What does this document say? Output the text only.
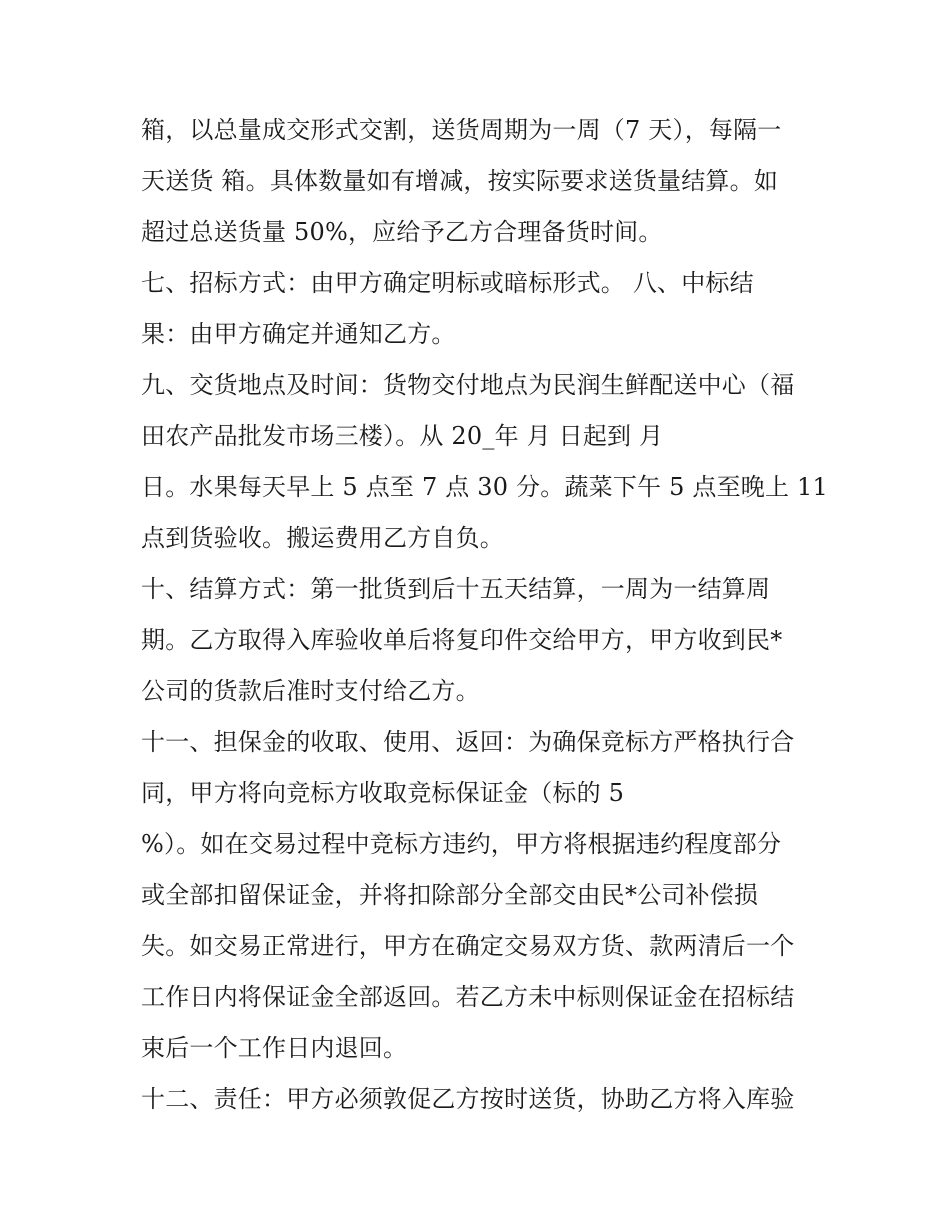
箱，以总量成交形式交割，送货周期为一周（7 天），每隔一
天送货 箱。具体数量如有增减，按实际要求送货量结算。如
超过总送货量 50%，应给予乙方合理备货时间。
七、招标方式：由甲方确定明标或暗标形式。 八、中标结
果：由甲方确定并通知乙方。
九、交货地点及时间：货物交付地点为民润生鲜配送中心（福
田农产品批发市场三楼）。从 20_年 月 日起到 月
日。水果每天早上 5 点至 7 点 30 分。蔬菜下午 5 点至晚上 11
点到货验收。搬运费用乙方自负。
十、结算方式：第一批货到后十五天结算，一周为一结算周
期。乙方取得入库验收单后将复印件交给甲方，甲方收到民*
公司的货款后准时支付给乙方。
十一、担保金的收取、使用、返回：为确保竞标方严格执行合
同，甲方将向竞标方收取竞标保证金（标的 5
%）。如在交易过程中竞标方违约，甲方将根据违约程度部分
或全部扣留保证金，并将扣除部分全部交由民*公司补偿损
失。如交易正常进行，甲方在确定交易双方货、款两清后一个
工作日内将保证金全部返回。若乙方未中标则保证金在招标结
束后一个工作日内退回。
十二、责任：甲方必须敦促乙方按时送货，协助乙方将入库验
